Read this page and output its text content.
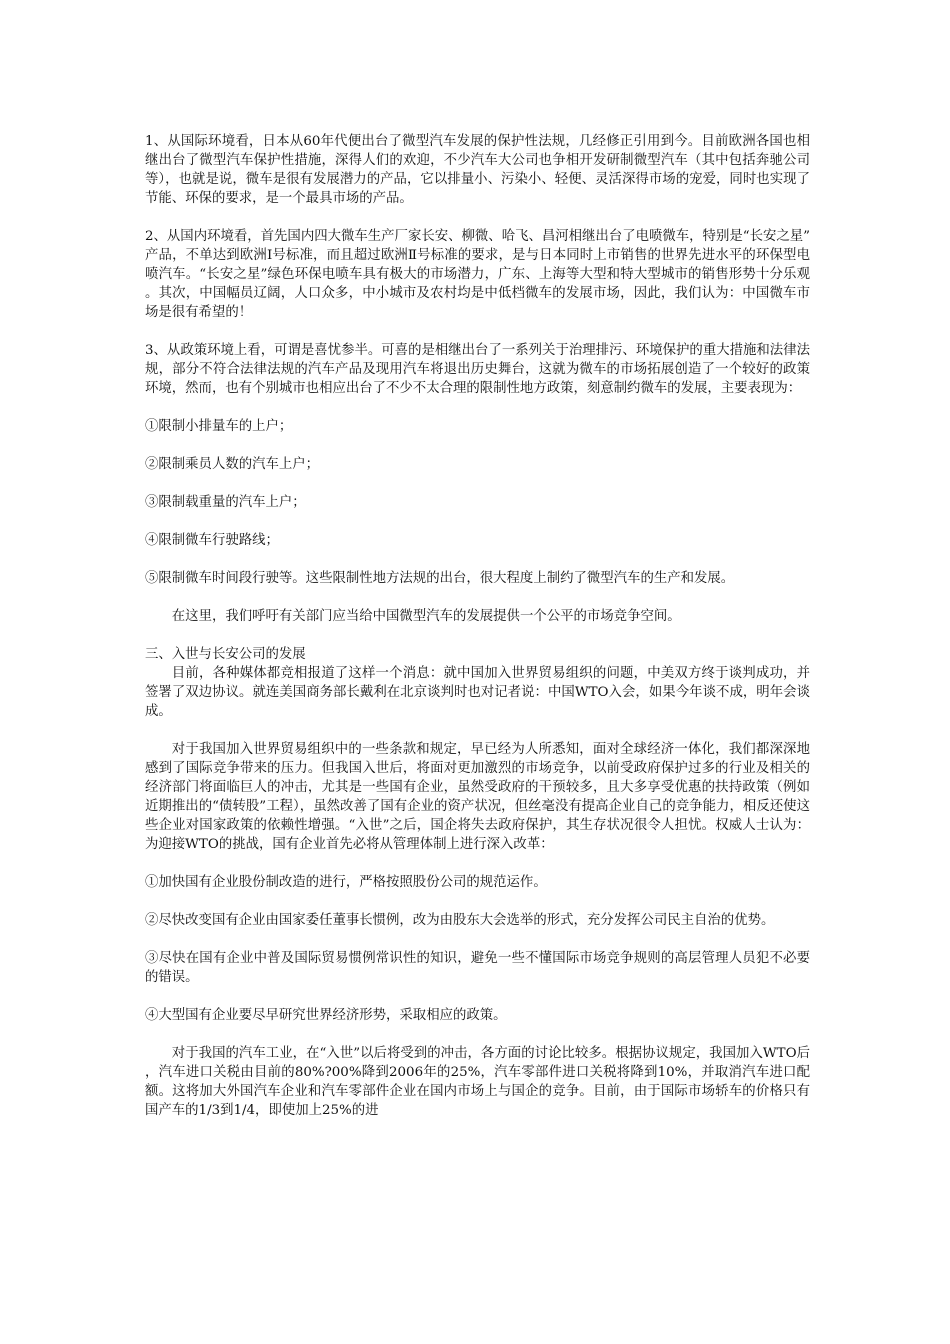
1、从国际环境看，日本从60年代便出台了微型汽车发展的保护性法规，几经修正引用到今。目前欧洲各国也相继出台了微型汽车保护性措施，深得人们的欢迎，不少汽车大公司也争相开发研制微型汽车（其中包括奔驰公司等），也就是说，微车是很有发展潜力的产品，它以排量小、污染小、轻便、灵活深得市场的宠爱，同时也实现了节能、环保的要求，是一个最具市场的产品。

2、从国内环境看，首先国内四大微车生产厂家长安、柳微、哈飞、昌河相继出台了电喷微车，特别是“长安之星”产品，不单达到欧洲Ⅰ号标准，而且超过欧洲Ⅱ号标准的要求，是与日本同时上市销售的世界先进水平的环保型电喷汽车。“长安之星”绿色环保电喷车具有极大的市场潜力，广东、上海等大型和特大型城市的销售形势十分乐观。其次，中国幅员辽阔，人口众多，中小城市及农村均是中低档微车的发展市场，因此，我们认为：中国微车市场是很有希望的！

3、从政策环境上看，可谓是喜忧参半。可喜的是相继出台了一系列关于治理排污、环境保护的重大措施和法律法规，部分不符合法律法规的汽车产品及现用汽车将退出历史舞台，这就为微车的市场拓展创造了一个较好的政策环境，然而，也有个别城市也相应出台了不少不太合理的限制性地方政策，刻意制约微车的发展，主要表现为：

①限制小排量车的上户；

②限制乘员人数的汽车上户；

③限制载重量的汽车上户；

④限制微车行驶路线；

⑤限制微车时间段行驶等。这些限制性地方法规的出台，很大程度上制约了微型汽车的生产和发展。

在这里，我们呼吁有关部门应当给中国微型汽车的发展提供一个公平的市场竞争空间。

三、入世与长安公司的发展

目前，各种媒体都竞相报道了这样一个消息：就中国加入世界贸易组织的问题，中美双方终于谈判成功，并签署了双边协议。就连美国商务部长戴利在北京谈判时也对记者说：中国WTO入会，如果今年谈不成，明年会谈成。

对于我国加入世界贸易组织中的一些条款和规定，早已经为人所悉知，面对全球经济一体化，我们都深深地感到了国际竞争带来的压力。但我国入世后，将面对更加激烈的市场竞争，以前受政府保护过多的行业及相关的经济部门将面临巨人的冲击，尤其是一些国有企业，虽然受政府的干预较多，且大多享受优惠的扶持政策（例如近期推出的“债转股”工程），虽然改善了国有企业的资产状况，但丝毫没有提高企业自己的竞争能力，相反还使这些企业对国家政策的依赖性增强。“入世”之后，国企将失去政府保护，其生存状况很令人担忧。权威人士认为：为迎接WTO的挑战，国有企业首先必将从管理体制上进行深入改革：

①加快国有企业股份制改造的进行，严格按照股份公司的规范运作。

②尽快改变国有企业由国家委任董事长惯例，改为由股东大会选举的形式，充分发挥公司民主自治的优势。

③尽快在国有企业中普及国际贸易惯例常识性的知识，避免一些不懂国际市场竞争规则的高层管理人员犯不必要的错误。

④大型国有企业要尽早研究世界经济形势，采取相应的政策。

对于我国的汽车工业，在“入世”以后将受到的冲击，各方面的讨论比较多。根据协议规定，我国加入WTO后，汽车进口关税由目前的80%?00%降到2006年的25%，汽车零部件进口关税将降到10%，并取消汽车进口配额。这将加大外国汽车企业和汽车零部件企业在国内市场上与国企的竞争。目前，由于国际市场轿车的价格只有国产车的1/3到1/4，即使加上25%的进
